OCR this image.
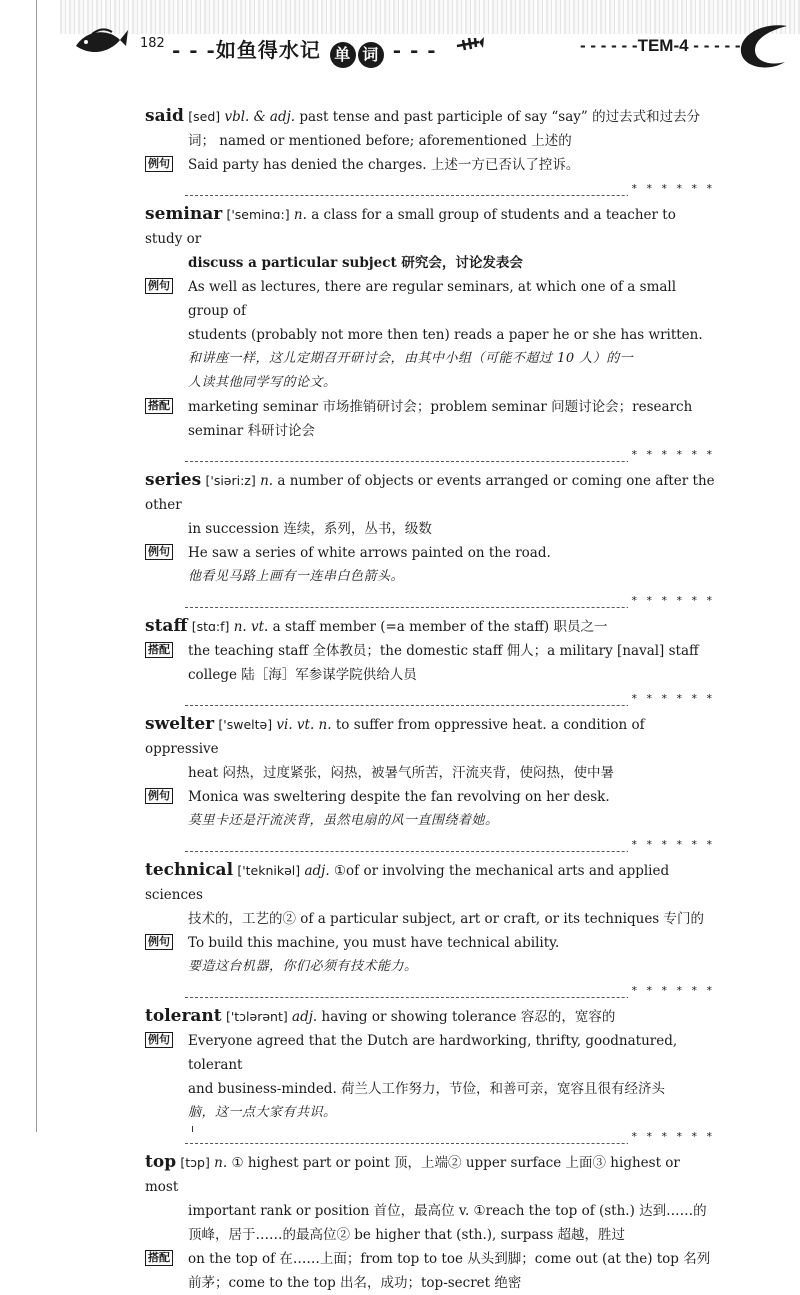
182 - - -如鱼得水记 单 词 - - -	- - - - - -TEM-4 - - - - -
said [sed] vbl. & adj. past tense and past participle of say “say” 的过去式和过去分
词； named or mentioned before; aforementioned 上述的
例句 Said party has denied the charges. 上述一方已否认了控诉。
* * * * * *
seminar ['seminɑ:] n. a class for a small group of students and a teacher to study or
discuss a particular subject 研究会，讨论发表会
例句 As well as lectures, there are regular seminars, at which one of a small group of
students (probably not more then ten) reads a paper he or she has written.
和讲座一样，这儿定期召开研讨会，由其中小组（可能不超过 10 人）的一
人读其他同学写的论文。
搭配 marketing seminar 市场推销研讨会；problem seminar 问题讨论会；research
seminar 科研讨论会
* * * * * *
series ['siəri:z] n. a number of objects or events arranged or coming one after the other
in succession 连续，系列，丛书，级数
例句 He saw a series of white arrows painted on the road.
他看见马路上画有一连串白色箭头。
* * * * * *
staff [stɑ:f] n. vt. a staff member (=a member of the staff) 职员之一
搭配 the teaching staff 全体教员；the domestic staff 佣人；a military [naval] staff
college 陆［海］军参谋学院供给人员
* * * * * *
swelter ['sweltə] vi. vt. n. to suffer from oppressive heat. a condition of oppressive
heat 闷热，过度紧张，闷热，被暑气所苦，汗流夹背，使闷热，使中暑
例句 Monica was sweltering despite the fan revolving on her desk.
莫里卡还是汗流浃背，虽然电扇的风一直围绕着她。
* * * * * *
technical ['teknikəl] adj. ①of or involving the mechanical arts and applied sciences
技术的，工艺的② of a particular subject, art or craft, or its techniques 专门的
例句 To build this machine, you must have technical ability.
要造这台机器，你们必须有技术能力。
* * * * * *
tolerant ['tɔlərənt] adj. having or showing tolerance 容忍的，宽容的
例句 Everyone agreed that the Dutch are hardworking, thrifty, goodnatured, tolerant
and business-minded. 荷兰人工作努力，节俭，和善可亲，宽容且很有经济头
脑，这一点大家有共识。
* * * * * *
top [tɔp] n. ① highest part or point 顶，上端② upper surface 上面③ highest or most
important rank or position 首位，最高位 v. ①reach the top of (sth.) 达到……的
顶峰，居于……的最高位② be higher that (sth.), surpass 超越，胜过
搭配 on the top of 在……上面；from top to toe 从头到脚；come out (at the) top 名列
前茅；come to the top 出名，成功；top-secret 绝密
